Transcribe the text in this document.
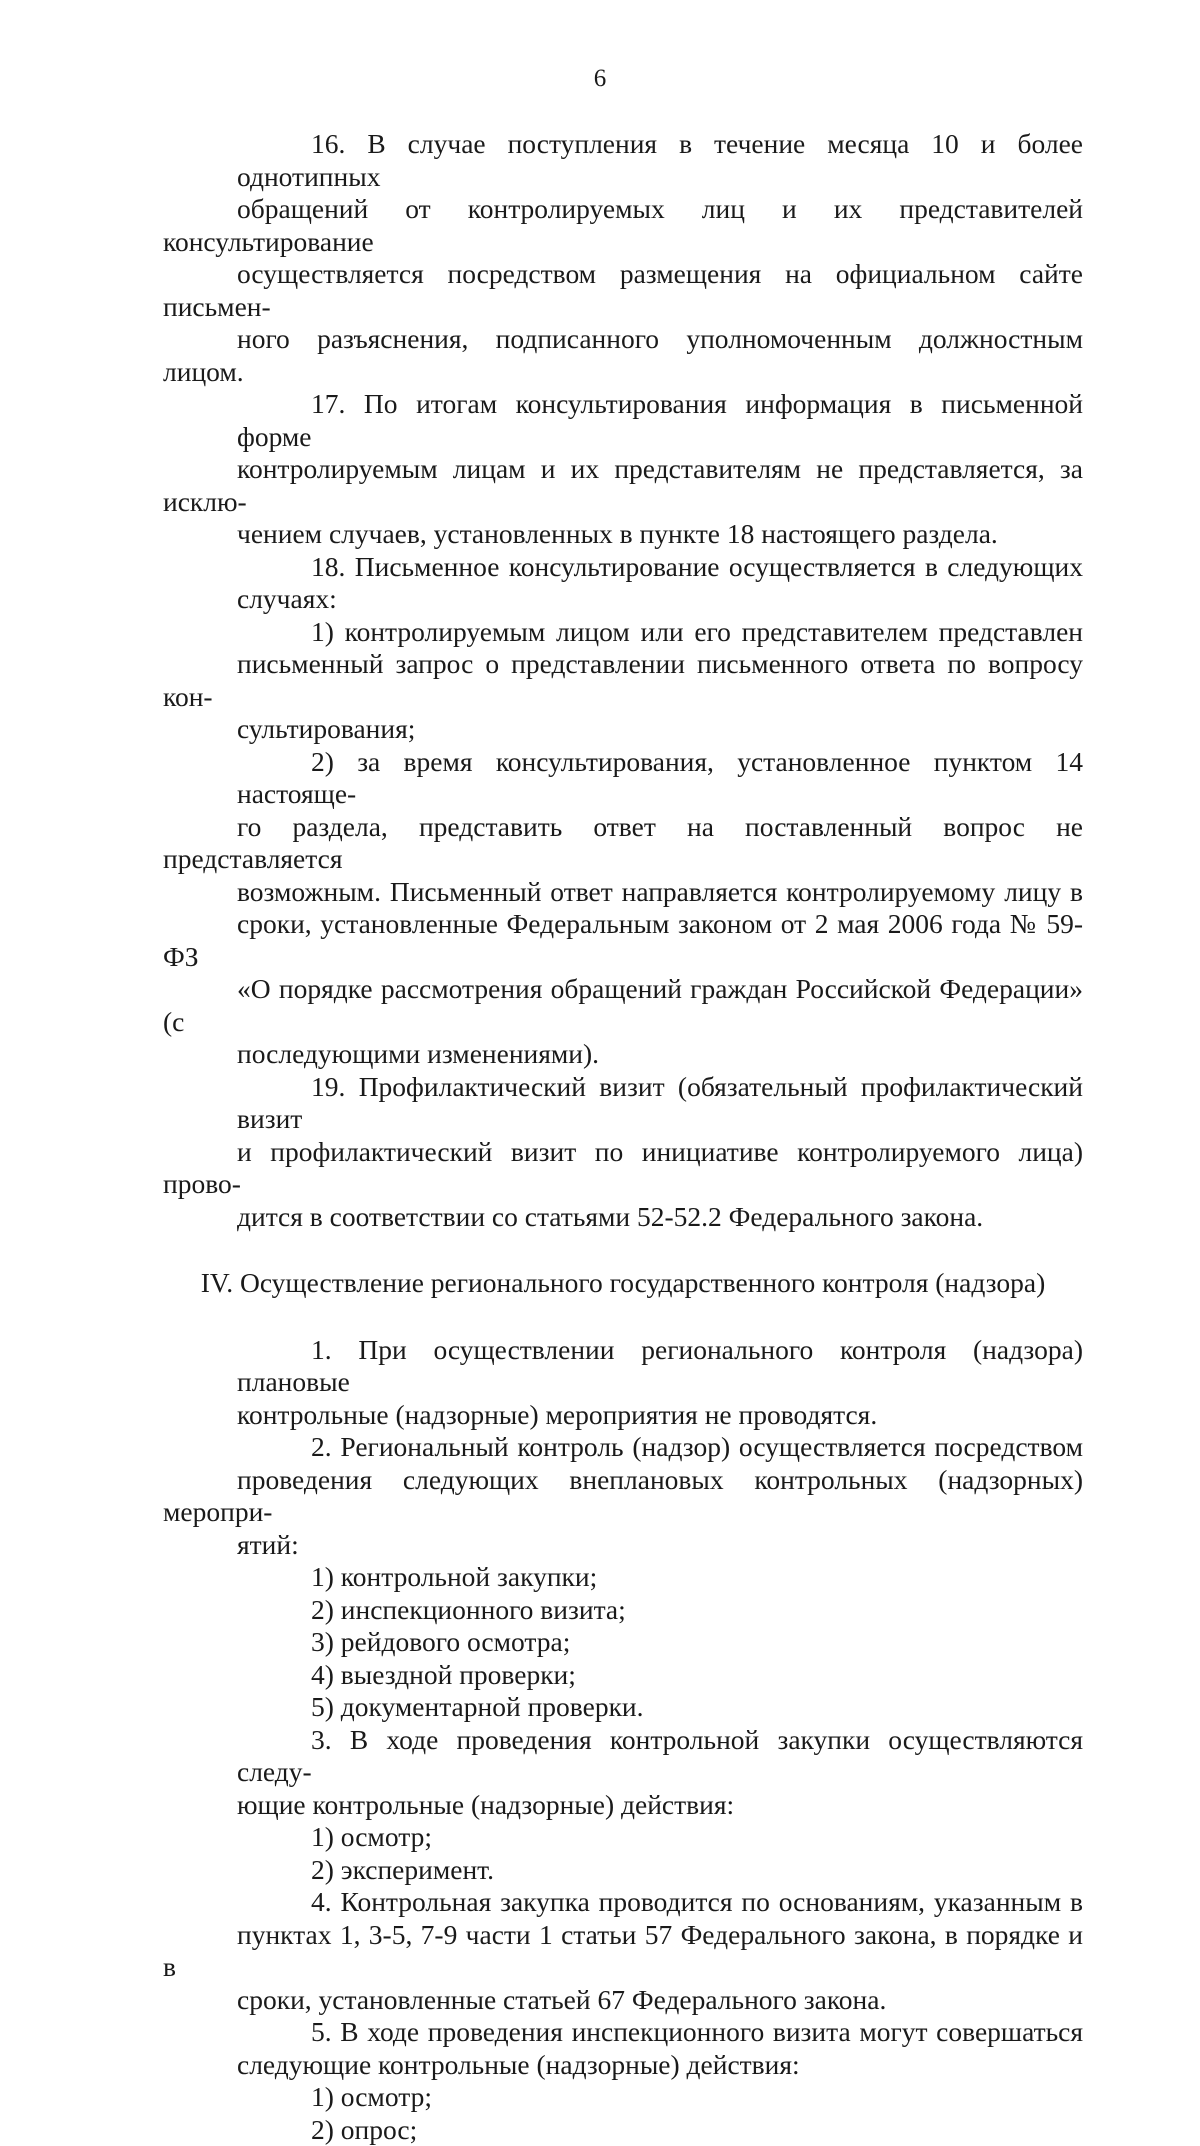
6
16. В случае поступления в течение месяца 10 и более однотипных
обращений от контролируемых лиц и их представителей консультирование
осуществляется посредством размещения на официальном сайте письмен-
ного разъяснения, подписанного уполномоченным должностным лицом.
17. По итогам консультирования информация в письменной форме
контролируемым лицам и их представителям не представляется, за исклю-
чением случаев, установленных в пункте 18 настоящего раздела.
18. Письменное консультирование осуществляется в следующих
случаях:
1) контролируемым лицом или его представителем представлен
письменный запрос о представлении письменного ответа по вопросу кон-
сультирования;
2) за время консультирования, установленное пунктом 14 настояще-
го раздела, представить ответ на поставленный вопрос не представляется
возможным. Письменный ответ направляется контролируемому лицу в
сроки, установленные Федеральным законом от 2 мая 2006 года № 59-ФЗ
«О порядке рассмотрения обращений граждан Российской Федерации» (с
последующими изменениями).
19. Профилактический визит (обязательный профилактический визит
и профилактический визит по инициативе контролируемого лица) прово-
дится в соответствии со статьями 52-52.2 Федерального закона.
IV. Осуществление регионального государственного контроля (надзора)
1. При осуществлении регионального контроля (надзора) плановые
контрольные (надзорные) мероприятия не проводятся.
2. Региональный контроль (надзор) осуществляется посредством
проведения следующих внеплановых контрольных (надзорных) меропри-
ятий:
1) контрольной закупки;
2) инспекционного визита;
3) рейдового осмотра;
4) выездной проверки;
5) документарной проверки.
3. В ходе проведения контрольной закупки осуществляются следу-
ющие контрольные (надзорные) действия:
1) осмотр;
2) эксперимент.
4. Контрольная закупка проводится по основаниям, указанным в
пунктах 1, 3-5, 7-9 части 1 статьи 57 Федерального закона, в порядке и в
сроки, установленные статьей 67 Федерального закона.
5. В ходе проведения инспекционного визита могут совершаться
следующие контрольные (надзорные) действия:
1) осмотр;
2) опрос;
